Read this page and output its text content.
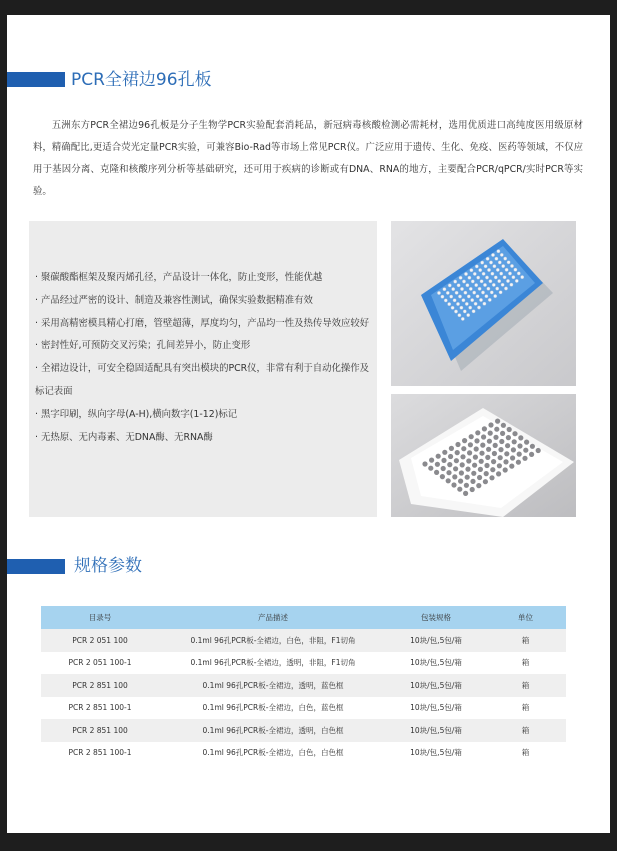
PCR全裙边96孔板

五洲东方PCR全裙边96孔板是分子生物学PCR实验配套消耗品，新冠病毒核酸检测必需耗材，选用优质进口高纯度医用级原材料，精确配比,更适合荧光定量PCR实验，可兼容Bio-Rad等市场上常见PCR仪。广泛应用于遗传、生化、免疫、医药等领域，不仅应用于基因分离、克隆和核酸序列分析等基础研究，还可用于疾病的诊断或有DNA、RNA的地方，主要配合PCR/qPCR/实时PCR等实验。

· 聚碳酸酯框架及聚丙烯孔径，产品设计一体化，防止变形，性能优越
· 产品经过严密的设计、制造及兼容性测试，确保实验数据精准有效
· 采用高精密模具精心打磨，管壁超薄，厚度均匀，产品均一性及热传导效应较好
· 密封性好,可预防交叉污染；孔间差异小，防止变形
· 全裙边设计，可安全稳固适配具有突出模块的PCR仪，非常有利于自动化操作及标记表面
· 黑字印刷，纵向字母(A-H),横向数字(1-12)标记
· 无热原、无内毒素、无DNA酶、无RNA酶
规格参数
目录号	产品描述	包装规格	单位
PCR 2 051 100	0.1ml 96孔PCR板-全裙边，白色，非阻，F1切角	10块/包,5包/箱	箱
PCR 2 051 100-1	0.1ml 96孔PCR板-全裙边，透明，非阻，F1切角	10块/包,5包/箱	箱
PCR 2 851 100	0.1ml 96孔PCR板-全裙边，透明，蓝色框	10块/包,5包/箱	箱
PCR 2 851 100-1	0.1ml 96孔PCR板-全裙边，白色，蓝色框	10块/包,5包/箱	箱
PCR 2 851 100	0.1ml 96孔PCR板-全裙边，透明，白色框	10块/包,5包/箱	箱
PCR 2 851 100-1	0.1ml 96孔PCR板-全裙边，白色，白色框	10块/包,5包/箱	箱
